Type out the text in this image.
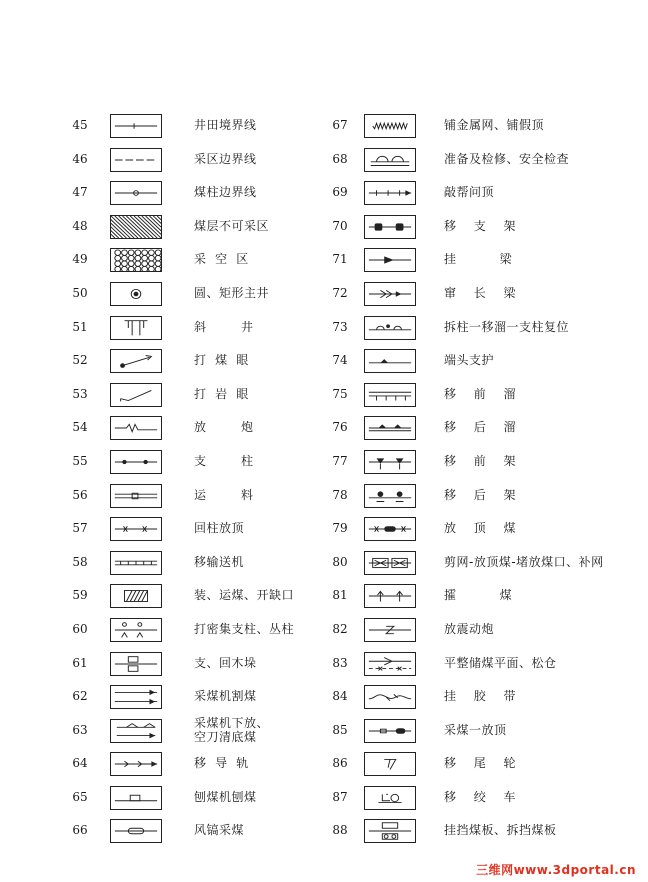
45	井田境界线
46	采区边界线
47	煤柱边界线
48	煤层不可采区
49	采  空  区
50	圆、矩形主井
51	斜        井
52	打  煤  眼
53	打  岩  眼
54	放        炮
55	支        柱
56	运        料
57	回柱放顶
58	移输送机
59	装、运煤、开缺口
60	打密集支柱、丛柱
61	支、回木垛
62	采煤机割煤
63	采煤机下放、
空刀清底煤
64	移  导  轨
65	刨煤机刨煤
66	风镐采煤
67	铺金属网、铺假顶
68	准备及检修、安全检查
69	敲帮问顶
70	移    支    架
71	挂          梁
72	窜    长    梁
73	拆柱一移溜一支柱复位
74	端头支护
75	移    前    溜
76	移    后    溜
77	移    前    架
78	移    后    架
79	放    顶    煤
80	剪网-放顶煤-堵放煤口、补网
81	攉          煤
82	放震动炮
83	平整储煤平面、松仓
84	挂    胶    带
85	采煤一放顶
86	移    尾    轮
87	移    绞    车
88	挂挡煤板、拆挡煤板
三维网www.3dportal.cn
